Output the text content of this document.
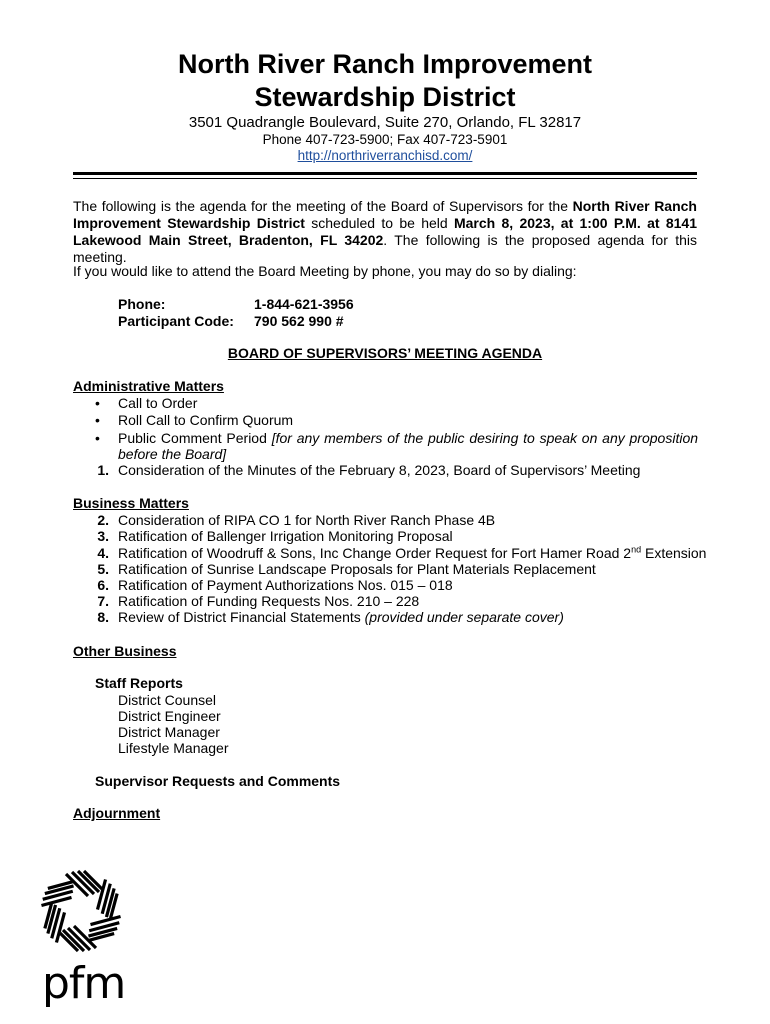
North River Ranch Improvement
Stewardship District
3501 Quadrangle Boulevard, Suite 270, Orlando, FL 32817
Phone 407-723-5900; Fax 407-723-5901
http://northriverranchisd.com/
The following is the agenda for the meeting of the Board of Supervisors for the North River Ranch Improvement Stewardship District scheduled to be held March 8, 2023, at 1:00 P.M. at 8141 Lakewood Main Street, Bradenton, FL 34202. The following is the proposed agenda for this meeting.
If you would like to attend the Board Meeting by phone, you may do so by dialing:
Phone:	1-844-621-3956
Participant Code: 790 562 990 #
BOARD OF SUPERVISORS’ MEETING AGENDA
Administrative Matters
• Call to Order
• Roll Call to Confirm Quorum
• Public Comment Period [for any members of the public desiring to speak on any proposition
before the Board]
1. Consideration of the Minutes of the February 8, 2023, Board of Supervisors’ Meeting
Business Matters
2. Consideration of RIPA CO 1 for North River Ranch Phase 4B
3. Ratification of Ballenger Irrigation Monitoring Proposal
4. Ratification of Woodruff & Sons, Inc Change Order Request for Fort Hamer Road 2nd Extension
5. Ratification of Sunrise Landscape Proposals for Plant Materials Replacement
6. Ratification of Payment Authorizations Nos. 015 – 018
7. Ratification of Funding Requests Nos. 210 – 228
8. Review of District Financial Statements (provided under separate cover)
Other Business
Staff Reports
District Counsel
District Engineer
District Manager
Lifestyle Manager
Supervisor Requests and Comments
Adjournment
pfm
